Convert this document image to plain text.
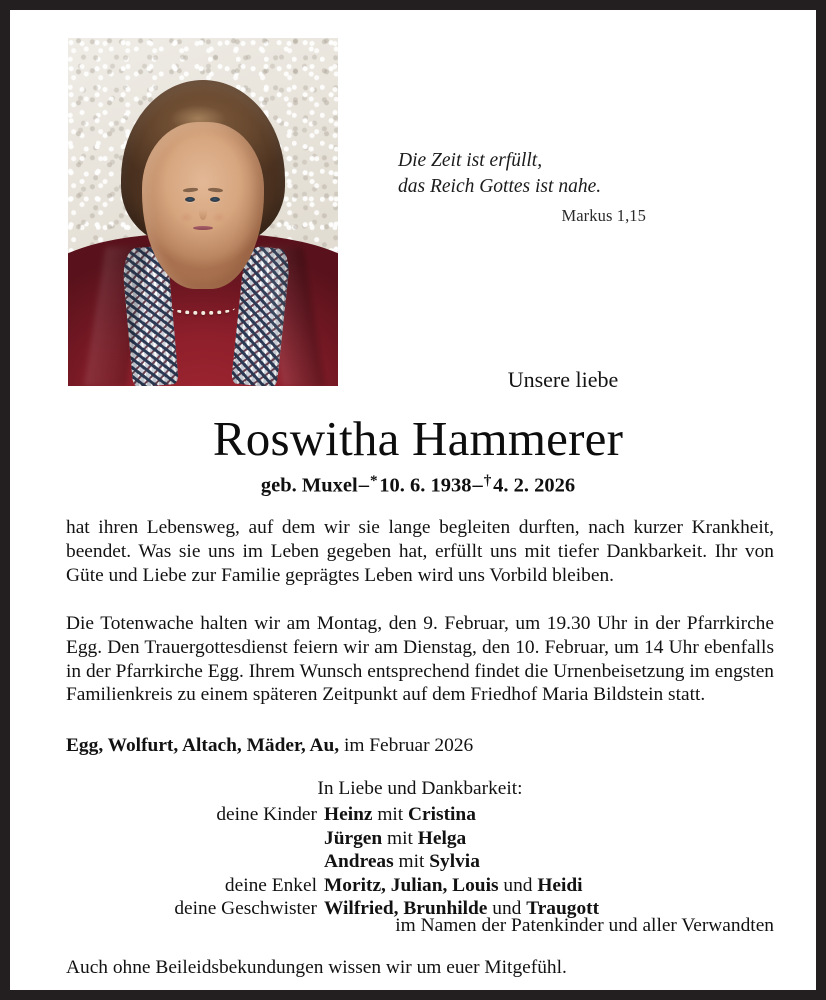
Die Zeit ist erfüllt,
das Reich Gottes ist nahe.
Markus 1,15
Unsere liebe
Roswitha Hammerer
geb. Muxel–* 10. 6. 1938–† 4. 2. 2026
hat ihren Lebensweg, auf dem wir sie lange begleiten durften, nach kurzer Krankheit, beendet. Was sie uns im Leben gegeben hat, erfüllt uns mit tiefer Dankbarkeit. Ihr von Güte und Liebe zur Familie geprägtes Leben wird uns Vorbild bleiben.
Die Totenwache halten wir am Montag, den 9. Februar, um 19.30 Uhr in der Pfarrkirche Egg. Den Trauergottesdienst feiern wir am Dienstag, den 10. Februar, um 14 Uhr ebenfalls in der Pfarrkirche Egg. Ihrem Wunsch entsprechend findet die Urnenbeisetzung im engsten Familienkreis zu einem späteren Zeitpunkt auf dem Friedhof Maria Bildstein statt.
Egg, Wolfurt, Altach, Mäder, Au, im Februar 2026
In Liebe und Dankbarkeit:
deine Kinder Heinz mit Cristina
Jürgen mit Helga
Andreas mit Sylvia
deine Enkel Moritz, Julian, Louis und Heidi
deine Geschwister Wilfried, Brunhilde und Traugott
im Namen der Patenkinder und aller Verwandten
Auch ohne Beileidsbekundungen wissen wir um euer Mitgefühl.
